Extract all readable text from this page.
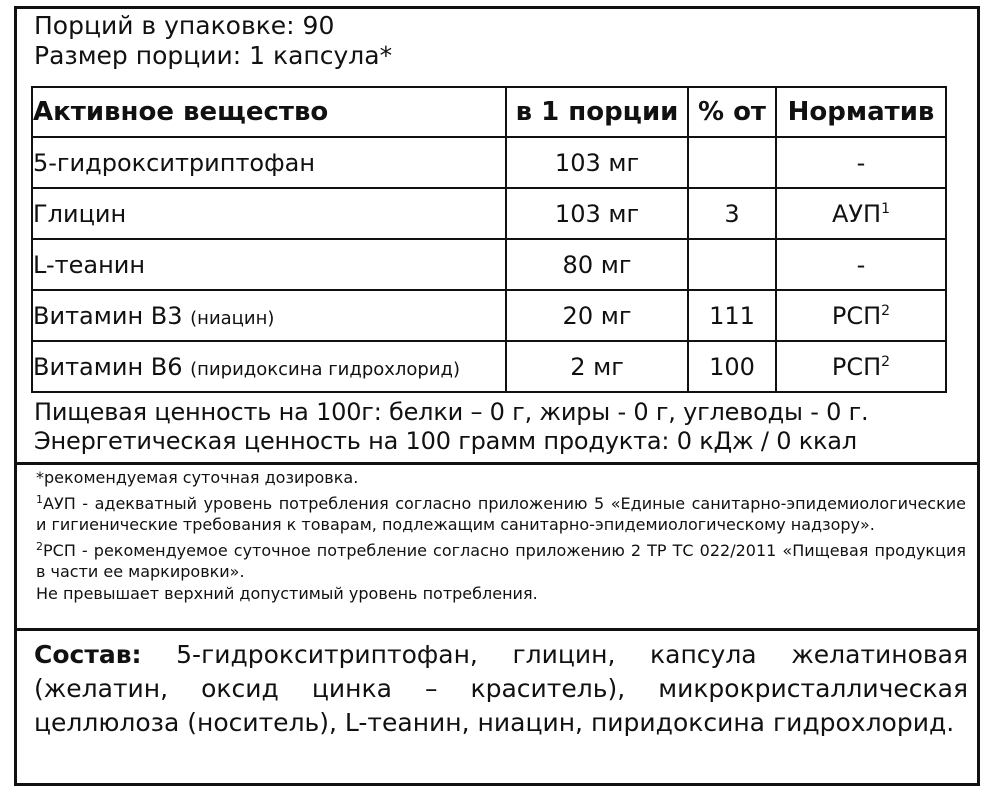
Порций в упаковке: 90
Размер порции: 1 капсула*
Активное вещество	в 1 порции	% от	Норматив
5-гидрокситриптофан	103 мг		-
Глицин	103 мг	3	АУП$^1$
L-теанин	80 мг		-
Витамин В3 (ниацин)	20 мг	111	РСП$^2$
Витамин В6 (пиридоксина гидрохлорид)	2 мг	100	РСП$^2$
Пищевая ценность на 100г: белки – 0 г, жиры - 0 г, углеводы - 0 г.
Энергетическая ценность на 100 грамм продукта: 0 кДж / 0 ккал

*рекомендуемая суточная дозировка.

$^1$АУП - адекватный уровень потребления согласно приложению 5 «Единые санитарно-эпидемиологические и гигиенические требования к товарам, подлежащим санитарно-эпидемиологическому надзору».

$^2$РСП - рекомендуемое суточное потребление согласно приложению 2 ТР ТС 022/2011 «Пищевая продукция в части ее маркировки».

Не превышает верхний допустимый уровень потребления.

Состав: 5-гидрокситриптофан, глицин, капсула желатиновая (желатин, оксид цинка – краситель), микрокристаллическая целлюлоза (носитель), L-теанин, ниацин, пиридоксина гидрохлорид.
